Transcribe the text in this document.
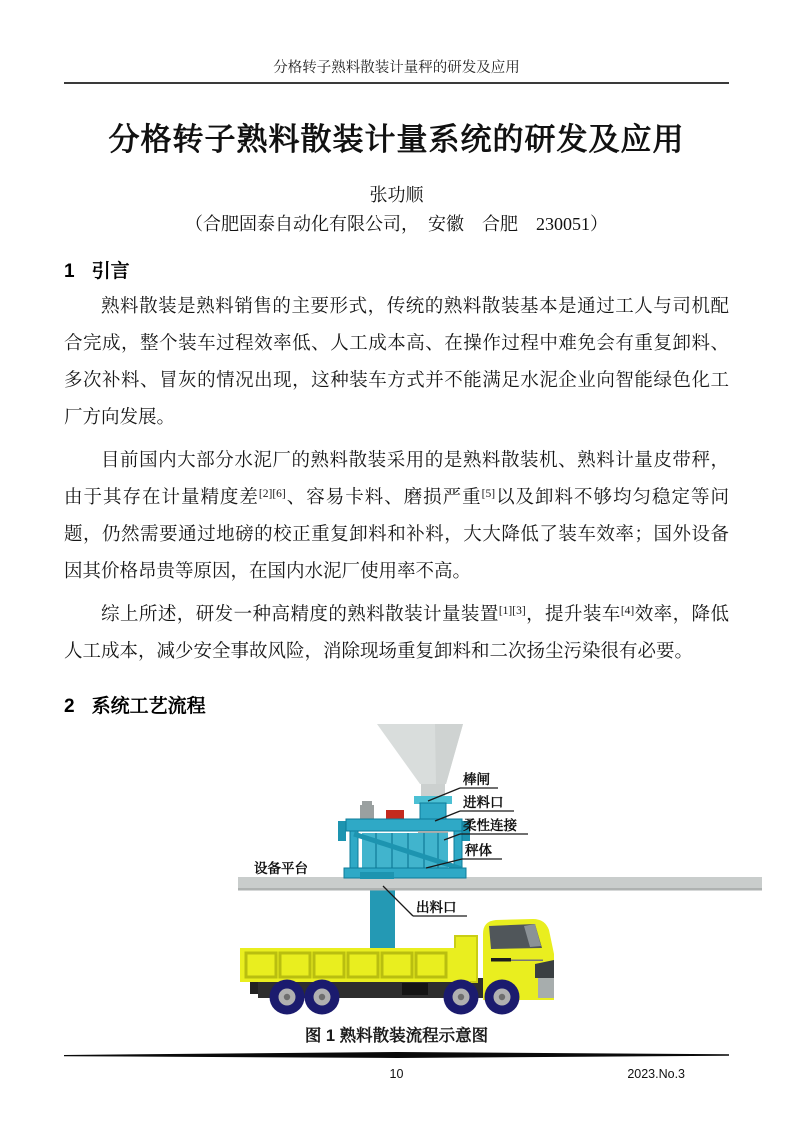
分格转子熟料散装计量秤的研发及应用
分格转子熟料散装计量系统的研发及应用
张功顺
（合肥固泰自动化有限公司，　安徽　合肥　230051）
1 引言

熟料散装是熟料销售的主要形式，传统的熟料散装基本是通过工人与司机配合完成，整个装车过程效率低、人工成本高、在操作过程中难免会有重复卸料、多次补料、冒灰的情况出现，这种装车方式并不能满足水泥企业向智能绿色化工厂方向发展。

目前国内大部分水泥厂的熟料散装采用的是熟料散装机、熟料计量皮带秤，由于其存在计量精度差[2][6]、容易卡料、磨损严重[5]以及卸料不够均匀稳定等问题，仍然需要通过地磅的校正重复卸料和补料，大大降低了装车效率；国外设备因其价格昂贵等原因，在国内水泥厂使用率不高。

综上所述，研发一种高精度的熟料散装计量装置[1][3]，提升装车[4]效率，降低人工成本，减少安全事故风险，消除现场重复卸料和二次扬尘污染很有必要。

2 系统工艺流程
棒闸
进料口
柔性连接
秤体
设备平台
出料口
图 1 熟料散装流程示意图
10	2023.No.3
